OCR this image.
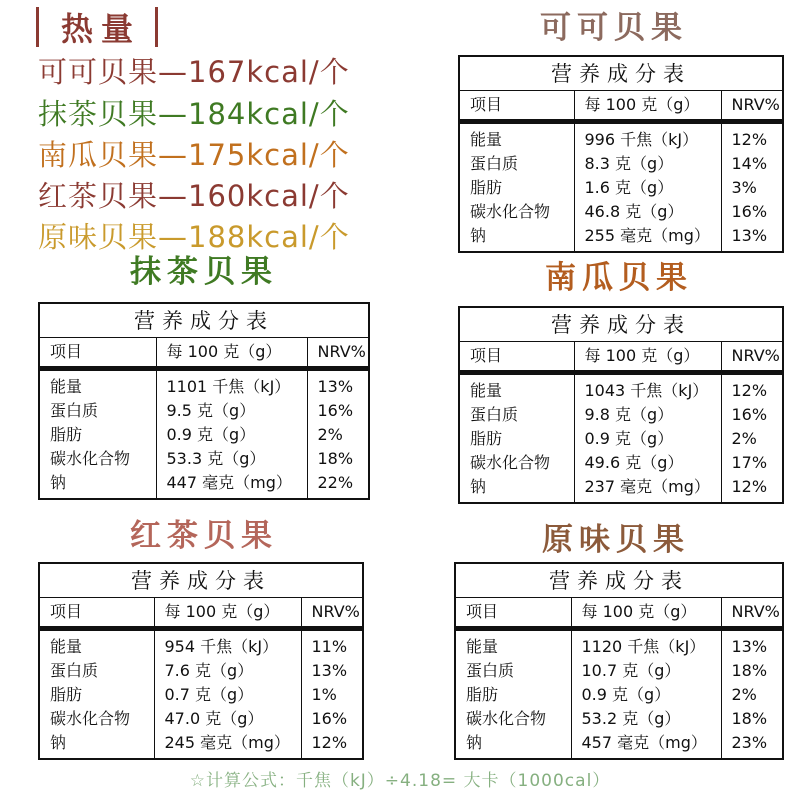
热量
可可贝果—167kcal/个
抹茶贝果—184kcal/个
南瓜贝果—175kcal/个
红茶贝果—160kcal/个
原味贝果—188kcal/个
可可贝果
抹茶贝果	南瓜贝果
红茶贝果	原味贝果
营养成分表		
项目	每 100 克（g）	NRV%
能量	996 千焦（kJ）	12%
蛋白质	8.3 克（g）	14%
脂肪	1.6 克（g）	3%
碳水化合物	46.8 克（g）	16%
钠	255 毫克（mg）	13%
营养成分表		
项目	每 100 克（g）	NRV%
能量	1101 千焦（kJ）	13%
蛋白质	9.5 克（g）	16%
脂肪	0.9 克（g）	2%
碳水化合物	53.3 克（g）	18%
钠	447 毫克（mg）	22%
营养成分表		
项目	每 100 克（g）	NRV%
能量	1043 千焦（kJ）	12%
蛋白质	9.8 克（g）	16%
脂肪	0.9 克（g）	2%
碳水化合物	49.6 克（g）	17%
钠	237 毫克（mg）	12%
营养成分表		
项目	每 100 克（g）	NRV%
能量	954 千焦（kJ）	11%
蛋白质	7.6 克（g）	13%
脂肪	0.7 克（g）	1%
碳水化合物	47.0 克（g）	16%
钠	245 毫克（mg）	12%
营养成分表		
项目	每 100 克（g）	NRV%
能量	1120 千焦（kJ）	13%
蛋白质	10.7 克（g）	18%
脂肪	0.9 克（g）	2%
碳水化合物	53.2 克（g）	18%
钠	457 毫克（mg）	23%
☆计算公式：千焦（kJ）÷4.18= 大卡（1000cal）
